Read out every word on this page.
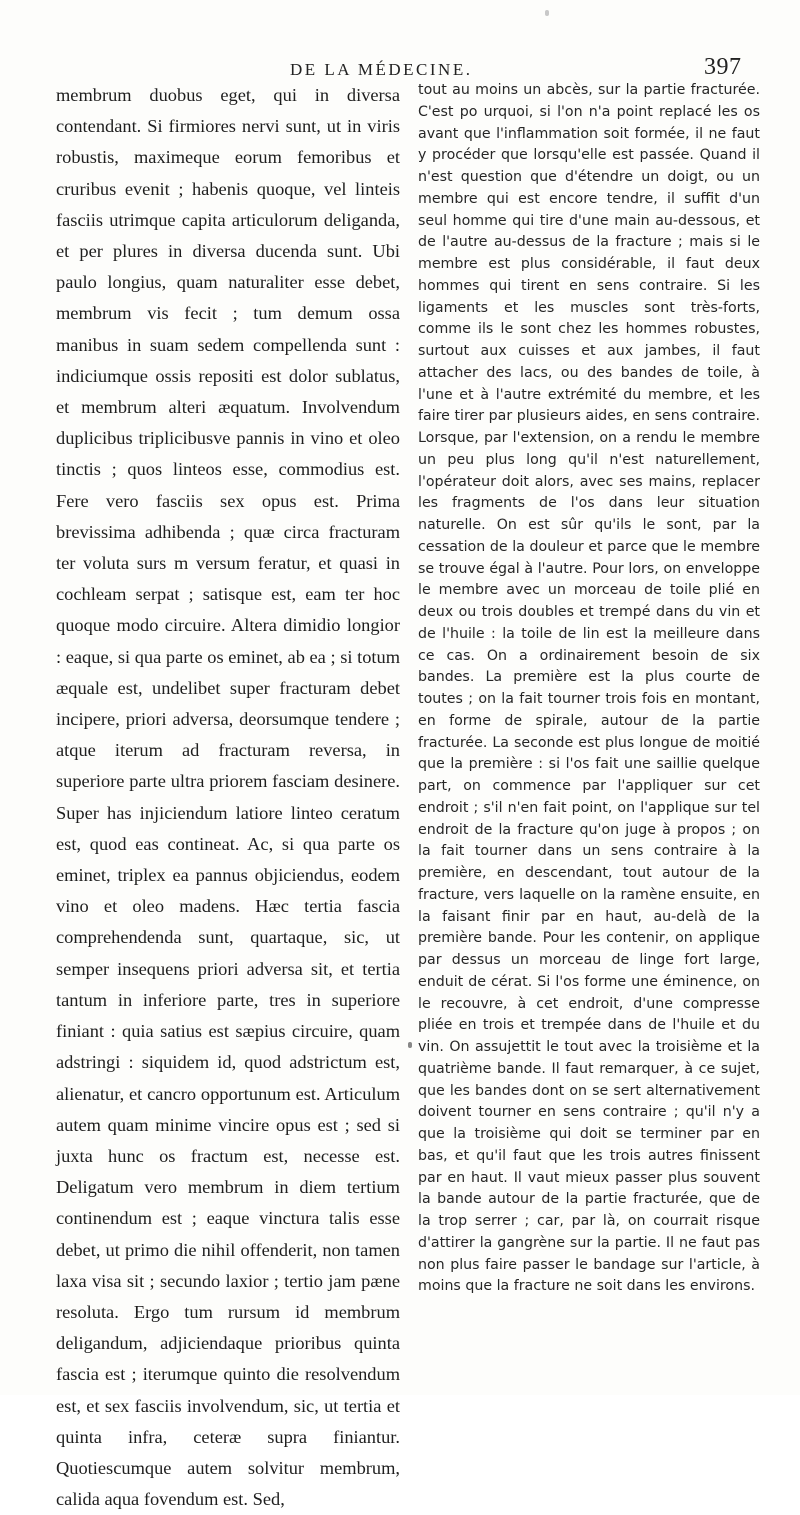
DE LA MÉDECINE.	397

membrum duobus eget, qui in diversa contendant. Si firmiores nervi sunt, ut in viris robustis, maximeque eorum femoribus et cruribus evenit ; habenis quoque, vel linteis fasciis utrimque capita articulorum deliganda, et per plures in diversa ducenda sunt. Ubi paulo longius, quam naturaliter esse debet, membrum vis fecit ; tum demum ossa manibus in suam sedem compellenda sunt : indiciumque ossis repositi est dolor sublatus, et membrum alteri æquatum. Involvendum duplicibus triplicibusve pannis in vino et oleo tinctis ; quos linteos esse, commodius est. Fere vero fasciis sex opus est. Prima brevissima adhibenda ; quæ circa fracturam ter voluta surs m versum feratur, et quasi in cochleam serpat ; satisque est, eam ter hoc quoque modo circuire. Altera dimidio longior : eaque, si qua parte os eminet, ab ea ; si totum æquale est, undelibet super fracturam debet incipere, priori adversa, deorsumque tendere ; atque iterum ad fracturam reversa, in superiore parte ultra priorem fasciam desinere. Super has injiciendum latiore linteo ceratum est, quod eas contineat. Ac, si qua parte os eminet, triplex ea pannus objiciendus, eodem vino et oleo madens. Hæc tertia fascia comprehendenda sunt, quartaque, sic, ut semper insequens priori adversa sit, et tertia tantum in inferiore parte, tres in superiore finiant : quia satius est sæpius circuire, quam adstringi : siquidem id, quod adstrictum est, alienatur, et cancro opportunum est. Articulum autem quam minime vincire opus est ; sed si juxta hunc os fractum est, necesse est. Deligatum vero membrum in diem tertium continendum est ; eaque vinctura talis esse debet, ut primo die nihil offenderit, non tamen laxa visa sit ; secundo laxior ; tertio jam pæne resoluta. Ergo tum rursum id membrum deligandum, adjiciendaque prioribus quinta fascia est ; iterumque quinto die resolvendum est, et sex fasciis involvendum, sic, ut tertia et quinta infra, ceteræ supra finiantur. Quotiescumque autem solvitur membrum, calida aqua fovendum est. Sed,

tout au moins un abcès, sur la partie fracturée. C'est po urquoi, si l'on n'a point replacé les os avant que l'inflammation soit formée, il ne faut y procéder que lorsqu'elle est passée. Quand il n'est question que d'étendre un doigt, ou un membre qui est encore tendre, il suffit d'un seul homme qui tire d'une main au-dessous, et de l'autre au-dessus de la fracture ; mais si le membre est plus considérable, il faut deux hommes qui tirent en sens contraire. Si les ligaments et les muscles sont très-forts, comme ils le sont chez les hommes robustes, surtout aux cuisses et aux jambes, il faut attacher des lacs, ou des bandes de toile, à l'une et à l'autre extrémité du membre, et les faire tirer par plusieurs aides, en sens contraire. Lorsque, par l'extension, on a rendu le membre un peu plus long qu'il n'est naturellement, l'opérateur doit alors, avec ses mains, replacer les fragments de l'os dans leur situation naturelle. On est sûr qu'ils le sont, par la cessation de la douleur et parce que le membre se trouve égal à l'autre. Pour lors, on enveloppe le membre avec un morceau de toile plié en deux ou trois doubles et trempé dans du vin et de l'huile : la toile de lin est la meilleure dans ce cas. On a ordinairement besoin de six bandes. La première est la plus courte de toutes ; on la fait tourner trois fois en montant, en forme de spirale, autour de la partie fracturée. La seconde est plus longue de moitié que la première : si l'os fait une saillie quelque part, on commence par l'appliquer sur cet endroit ; s'il n'en fait point, on l'applique sur tel endroit de la fracture qu'on juge à propos ; on la fait tourner dans un sens contraire à la première, en descendant, tout autour de la fracture, vers laquelle on la ramène ensuite, en la faisant finir par en haut, au-delà de la première bande. Pour les contenir, on applique par dessus un morceau de linge fort large, enduit de cérat. Si l'os forme une éminence, on le recouvre, à cet endroit, d'une compresse pliée en trois et trempée dans de l'huile et du vin. On assujettit le tout avec la troisième et la quatrième bande. Il faut remarquer, à ce sujet, que les bandes dont on se sert alternativement doivent tourner en sens contraire ; qu'il n'y a que la troisième qui doit se terminer par en bas, et qu'il faut que les trois autres finissent par en haut. Il vaut mieux passer plus souvent la bande autour de la partie fracturée, que de la trop serrer ; car, par là, on courrait risque d'attirer la gangrène sur la partie. Il ne faut pas non plus faire passer le bandage sur l'article, à moins que la fracture ne soit dans les environs.
